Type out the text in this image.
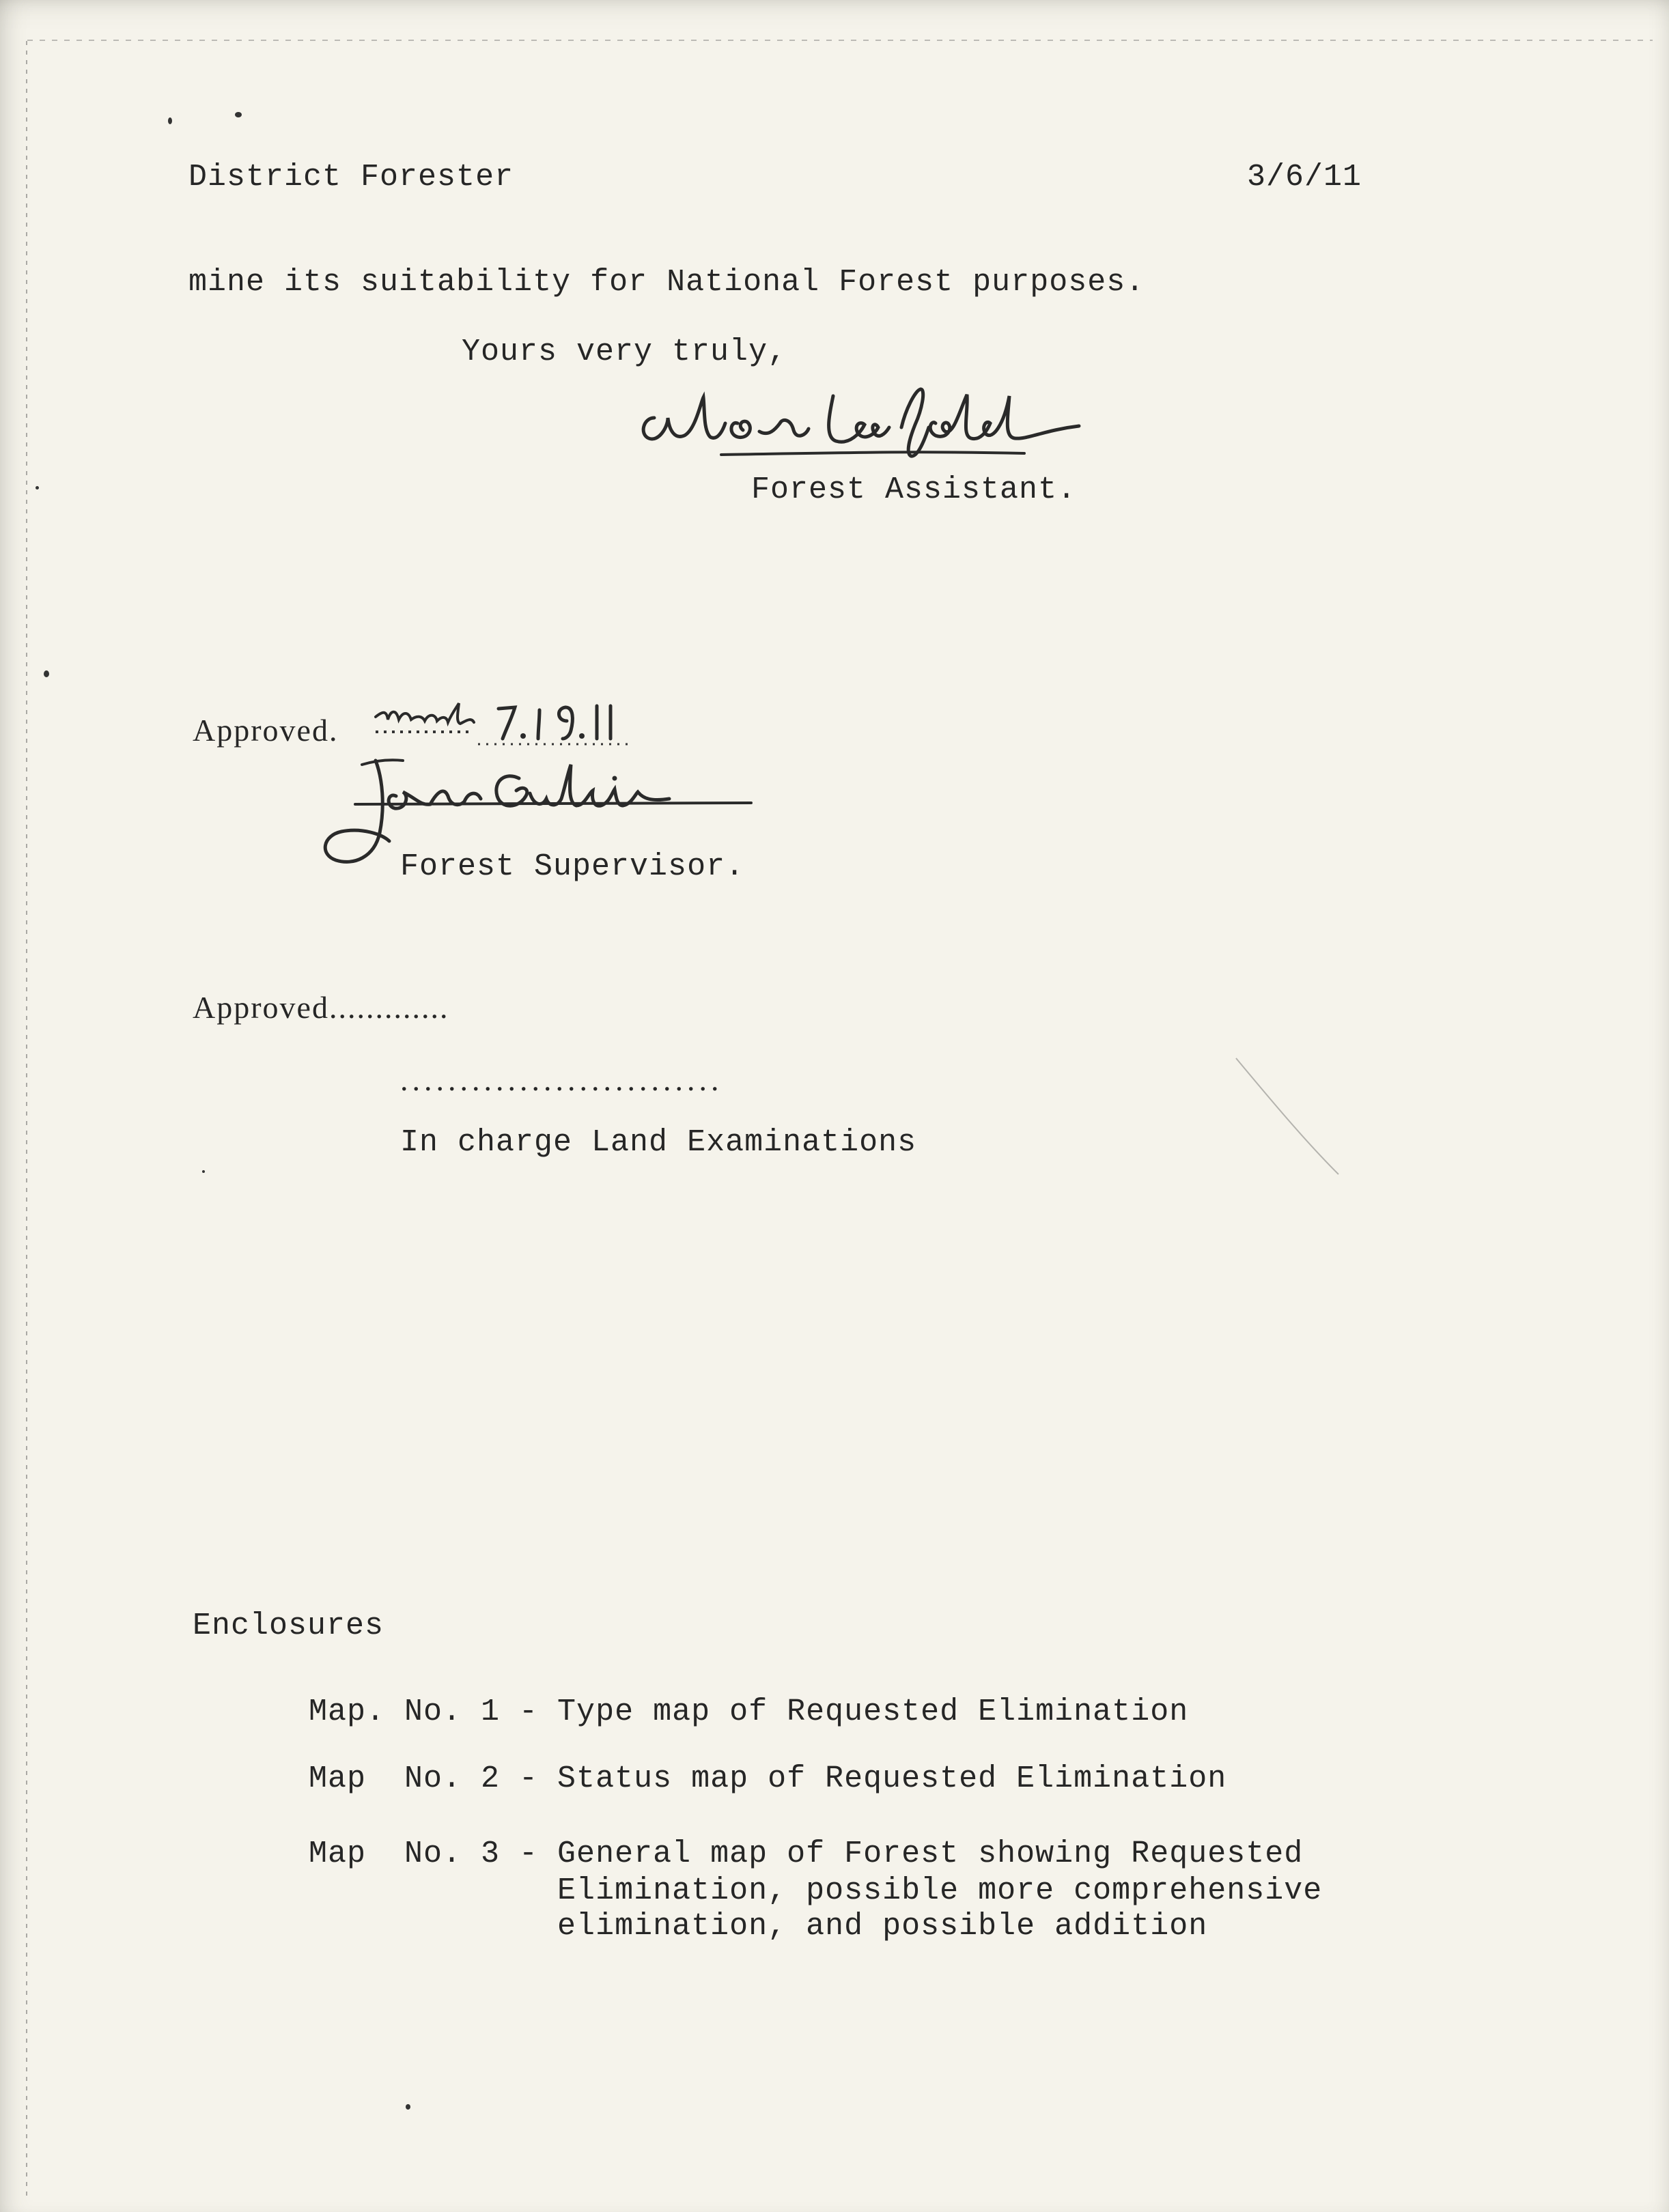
District Forester	3/6/11
mine its suitability for National Forest purposes.
Yours very truly,
Forest Assistant.
Approved.
Forest Supervisor.
Approved.............
...........................
In charge Land Examinations
Enclosures
Map. No. 1 - Type map of Requested Elimination
Map  No. 2 - Status map of Requested Elimination
Map  No. 3 - General map of Forest showing Requested
Elimination, possible more comprehensive
elimination, and possible addition
